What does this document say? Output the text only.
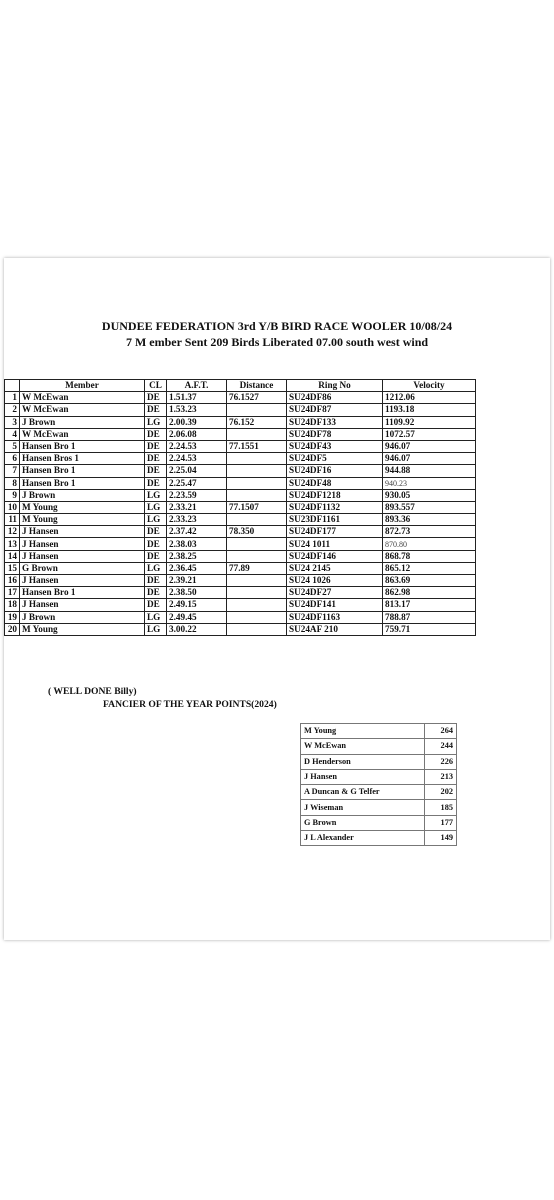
DUNDEE FEDERATION 3rd Y/B BIRD RACE WOOLER 10/08/24
7 M ember Sent 209 Birds Liberated 07.00 south west wind
	Member	CL	A.F.T.	Distance	Ring No	Velocity
1	W McEwan	DE	1.51.37	76.1527	SU24DF86	1212.06
2	W McEwan	DE	1.53.23		SU24DF87	1193.18
3	J Brown	LG	2.00.39	76.152	SU24DF133	1109.92
4	W McEwan	DE	2.06.08		SU24DF78	1072.57
5	Hansen Bro 1	DE	2.24.53	77.1551	SU24DF43	946.07
6	Hansen Bros 1	DE	2.24.53		SU24DF5	946.07
7	Hansen Bro 1	DE	2.25.04		SU24DF16	944.88
8	Hansen Bro 1	DE	2.25.47		SU24DF48	940.23
9	J Brown	LG	2.23.59		SU24DF1218	930.05
10	M Young	LG	2.33.21	77.1507	SU24DF1132	893.557
11	M Young	LG	2.33.23		SU23DF1161	893.36
12	J Hansen	DE	2.37.42	78.350	SU24DF177	872.73
13	J Hansen	DE	2.38.03		SU24 1011	870.80
14	J Hansen	DE	2.38.25		SU24DF146	868.78
15	G Brown	LG	2.36.45	77.89	SU24 2145	865.12
16	J Hansen	DE	2.39.21		SU24 1026	863.69
17	Hansen Bro 1	DE	2.38.50		SU24DF27	862.98
18	J Hansen	DE	2.49.15		SU24DF141	813.17
19	J Brown	LG	2.49.45		SU24DF1163	788.87
20	M Young	LG	3.00.22		SU24AF 210	759.71
( WELL DONE Billy)
FANCIER OF THE YEAR POINTS(2024)
M Young	264
W McEwan	244
D Henderson	226
J Hansen	213
A Duncan & G Telfer	202
J Wiseman	185
G Brown	177
J L Alexander	149
